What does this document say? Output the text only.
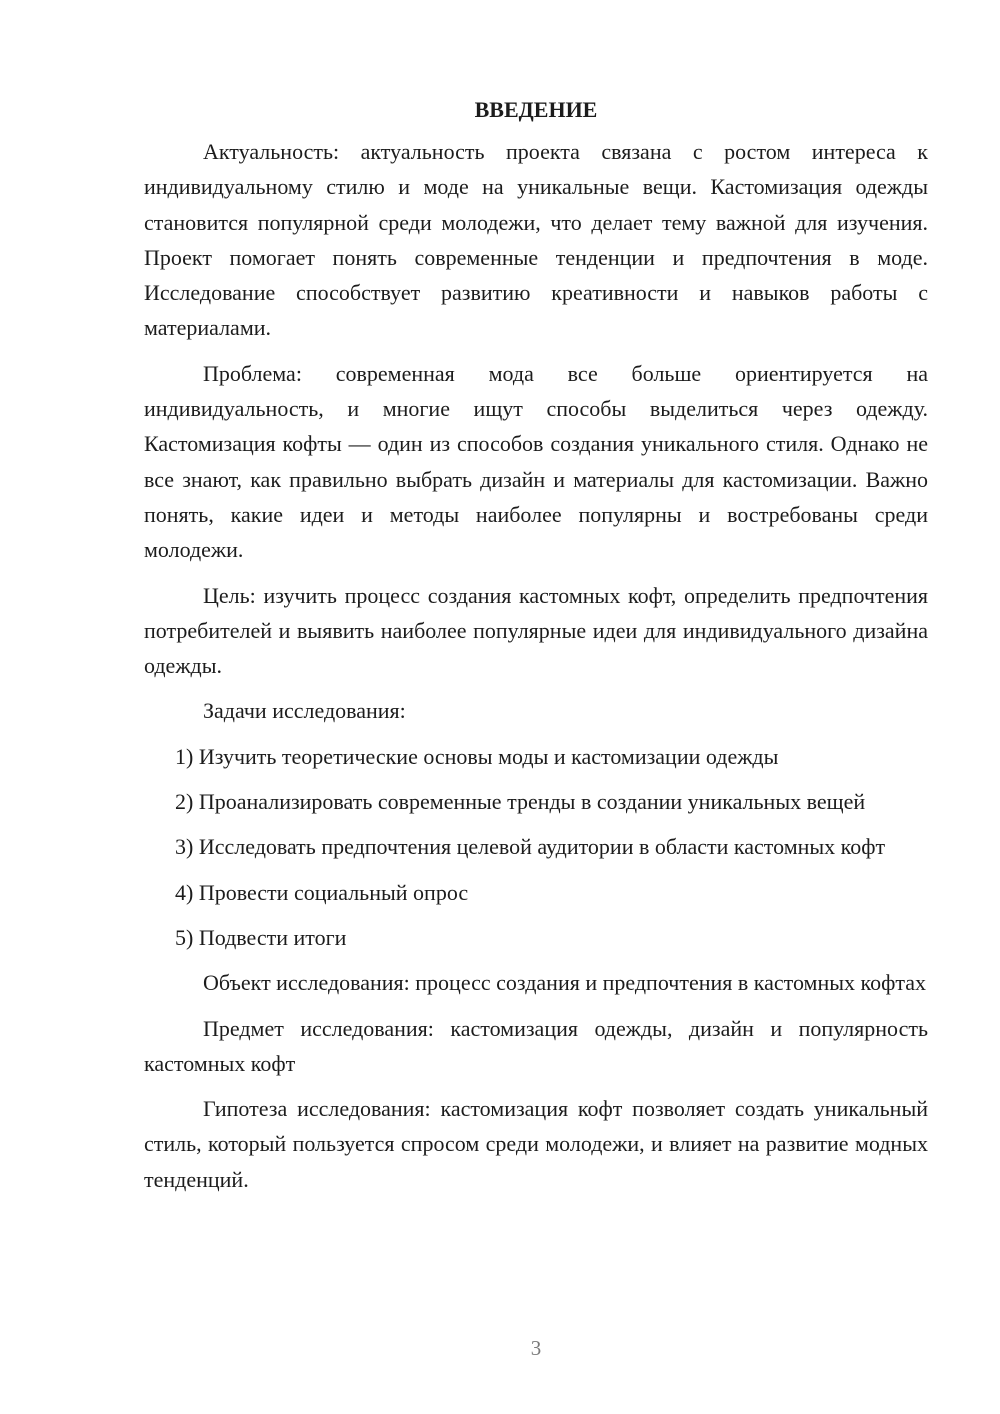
ВВЕДЕНИЕ

Актуальность: актуальность проекта связана с ростом интереса к индивидуальному стилю и моде на уникальные вещи. Кастомизация одежды становится популярной среди молодежи, что делает тему важной для изучения. Проект помогает понять современные тенденции и предпочтения в моде. Исследование способствует развитию креативности и навыков работы с материалами.

Проблема: современная мода все больше ориентируется на индивидуальность, и многие ищут способы выделиться через одежду. Кастомизация кофты — один из способов создания уникального стиля. Однако не все знают, как правильно выбрать дизайн и материалы для кастомизации. Важно понять, какие идеи и методы наиболее популярны и востребованы среди молодежи.

Цель: изучить процесс создания кастомных кофт, определить предпочтения потребителей и выявить наиболее популярные идеи для индивидуального дизайна одежды.

Задачи исследования:

1) Изучить теоретические основы моды и кастомизации одежды

2) Проанализировать современные тренды в создании уникальных вещей

3) Исследовать предпочтения целевой аудитории в области кастомных кофт

4) Провести социальный опрос

5) Подвести итоги

Объект исследования: процесс создания и предпочтения в кастомных кофтах

Предмет исследования: кастомизация одежды, дизайн и популярность кастомных кофт

Гипотеза исследования: кастомизация кофт позволяет создать уникальный стиль, который пользуется спросом среди молодежи, и влияет на развитие модных тенденций.

3
